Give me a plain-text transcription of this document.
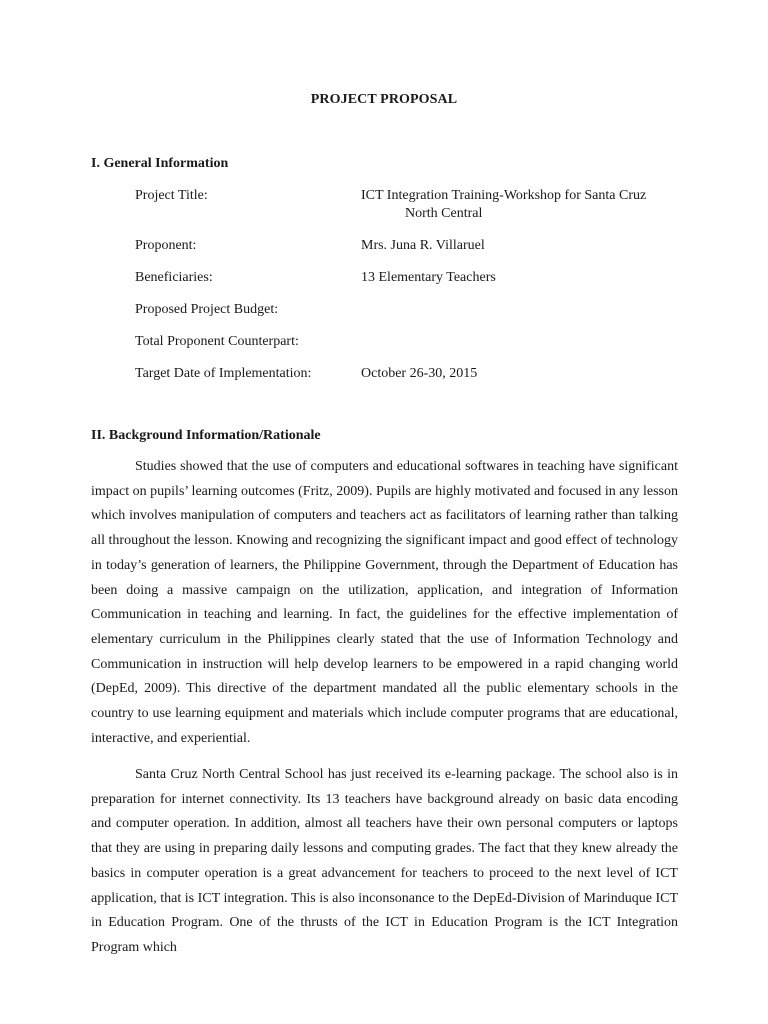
PROJECT PROPOSAL
I. General Information
Project Title:	ICT Integration Training-Workshop for Santa Cruz
North Central
Proponent:	Mrs. Juna R. Villaruel
Beneficiaries:	13 Elementary Teachers
Proposed Project Budget:
Total Proponent Counterpart:
Target Date of Implementation:	October 26-30, 2015
II. Background Information/Rationale

Studies showed that the use of computers and educational softwares in teaching have significant impact on pupils’ learning outcomes (Fritz, 2009). Pupils are highly motivated and focused in any lesson which involves manipulation of computers and teachers act as facilitators of learning rather than talking all throughout the lesson. Knowing and recognizing the significant impact and good effect of technology in today’s generation of learners, the Philippine Government, through the Department of Education has been doing a massive campaign on the utilization, application, and integration of Information Communication in teaching and learning. In fact, the guidelines for the effective implementation of elementary curriculum in the Philippines clearly stated that the use of Information Technology and Communication in instruction will help develop learners to be empowered in a rapid changing world (DepEd, 2009). This directive of the department mandated all the public elementary schools in the country to use learning equipment and materials which include computer programs that are educational, interactive, and experiential.

Santa Cruz North Central School has just received its e-learning package. The school also is in preparation for internet connectivity. Its 13 teachers have background already on basic data encoding and computer operation. In addition, almost all teachers have their own personal computers or laptops that they are using in preparing daily lessons and computing grades. The fact that they knew already the basics in computer operation is a great advancement for teachers to proceed to the next level of ICT application, that is ICT integration. This is also inconsonance to the DepEd-Division of Marinduque ICT in Education Program. One of the thrusts of the ICT in Education Program is the ICT Integration Program which
